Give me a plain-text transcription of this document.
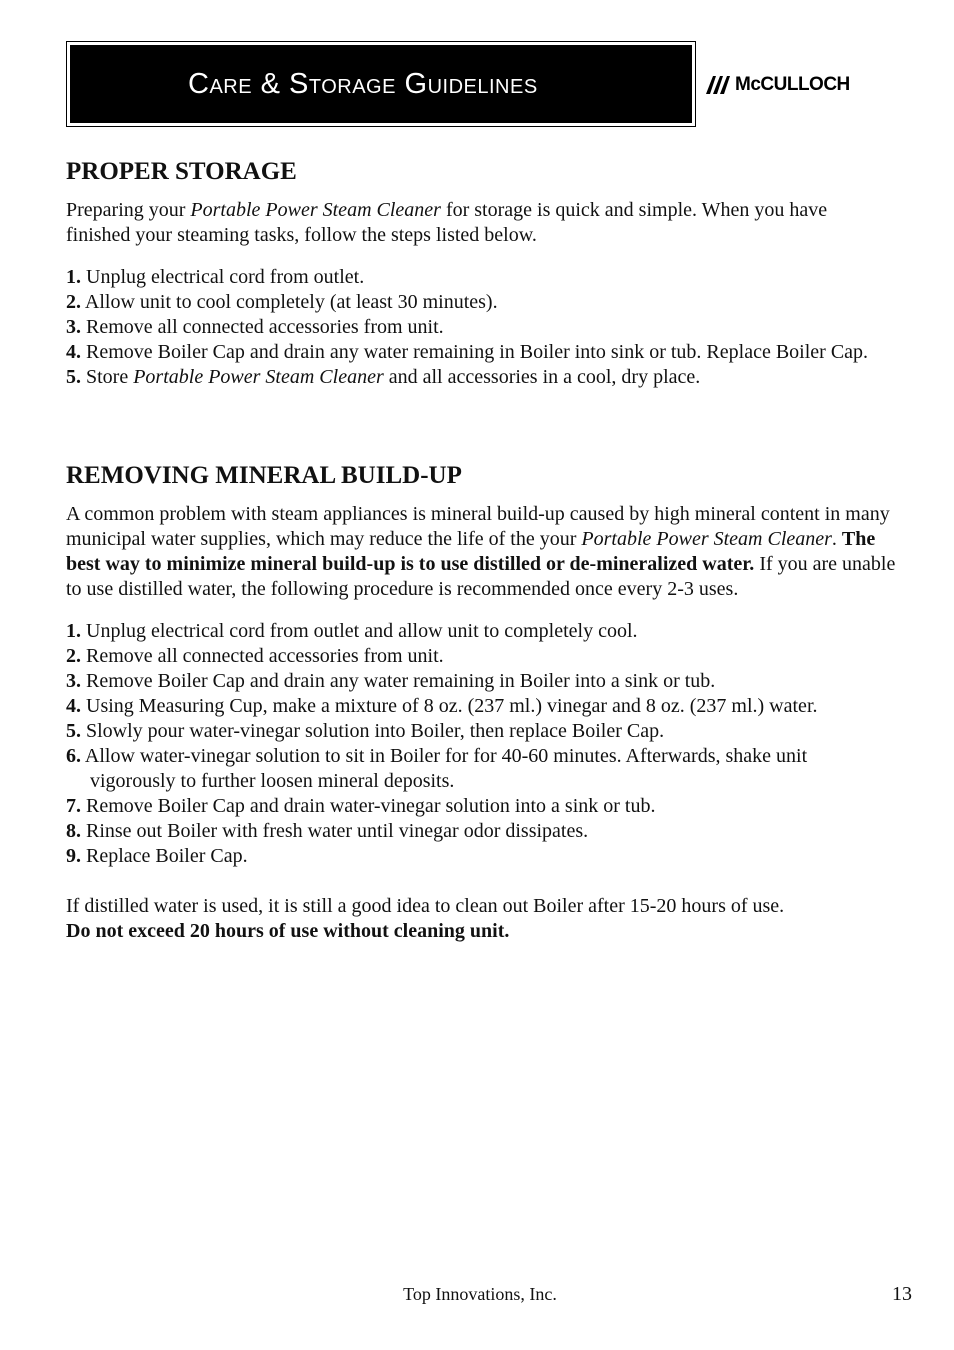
Care & Storage Guidelines	McCULLOCH
PROPER STORAGE

Preparing your Portable Power Steam Cleaner for storage is quick and simple. When you have finished your steaming tasks, follow the steps listed below.

1. Unplug electrical cord from outlet.
2. Allow unit to cool completely (at least 30 minutes).
3. Remove all connected accessories from unit.
4. Remove Boiler Cap and drain any water remaining in Boiler into sink or tub. Replace Boiler Cap.
5. Store Portable Power Steam Cleaner and all accessories in a cool, dry place.
REMOVING MINERAL BUILD-UP

A common problem with steam appliances is mineral build-up caused by high mineral content in many municipal water supplies, which may reduce the life of the your Portable Power Steam Cleaner. The best way to minimize mineral build-up is to use distilled or de-mineralized water. If you are unable to use distilled water, the following procedure is recommended once every 2-3 uses.

1. Unplug electrical cord from outlet and allow unit to completely cool.
2. Remove all connected accessories from unit.
3. Remove Boiler Cap and drain any water remaining in Boiler into a sink or tub.
4. Using Measuring Cup, make a mixture of 8 oz. (237 ml.) vinegar and 8 oz. (237 ml.) water.
5. Slowly pour water-vinegar solution into Boiler, then replace Boiler Cap.
6. Allow water-vinegar solution to sit in Boiler for for 40-60 minutes. Afterwards, shake unit vigorously to further loosen mineral deposits.
7. Remove Boiler Cap and drain water-vinegar solution into a sink or tub.
8. Rinse out Boiler with fresh water until vinegar odor dissipates.
9. Replace Boiler Cap.

If distilled water is used, it is still a good idea to clean out Boiler after 15-20 hours of use.
Do not exceed 20 hours of use without cleaning unit.

Top Innovations, Inc.	13
